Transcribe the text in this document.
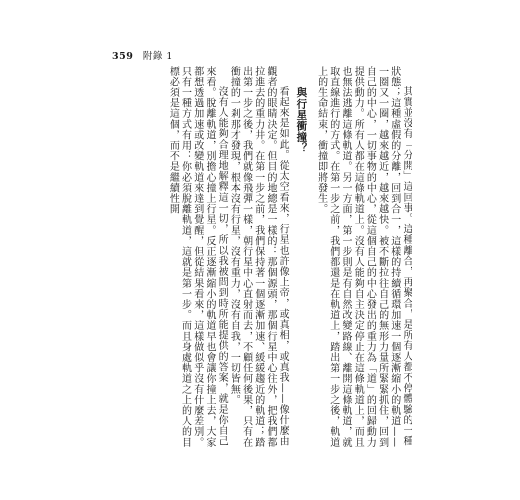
359 附錄 1

其實並沒有「分開」這回事。這種離合，再聚合，是所有人都不停體驗的一種狀態；這種虛假的分離，回到合一，這樣的持續循環加速一個逐漸縮小的軌道——一圈又一圈，越來越近，越來越快。被不斷拉往自己的無形力量所緊緊抓住，回到自己的中心，一切事物的中心，從這個自己的中心發出的重力為「道」的回歸動力提供動力。所有人都在這條軌道上。沒有人能夠自主決定停止在這條軌道上，而且也無法逃離這條軌道。另一方面，第一步則是有自然改變路線、離開這條軌道，就取直線進行的方式。在第一步之前，我們都還是在軌道上，踏出第一步之後，軌道上的生命結束，衝撞即將發生。

與行星衝撞？

看起來是如此。從太空看來，行星也許像上帝，或真相，或真我——像什麼由觀者的眼睛決定。但目的地總是一樣的：那個源頭，那個行星中心往外，把我們都拉進去的重力井。在第一步之前，我們保持著一個逐漸加速、緩緩趨近的軌道；踏出第一步之後，我們就像飛彈一樣，朝行星中心直射而去，不顧任何後果，只有在衝撞的一剎那才發現，根本沒有行星，沒有重力，沒有自我，一切皆無。

沒有人能夠合理地解釋這一切，所以我被問到時所能提供的答案，就是你自己來看。脫離軌道，別擔心撞上行星。反正逐漸縮小的軌道早也會讓你撞上去，大家都想透過加速或改變軌道來達到覺醒，但從結果看來，這樣做似乎沒有什麼差別。只有一種方式有用：你必須脫離軌道，這就是第一步。而且身處軌道之上的人的目標必須是這個，而不是繼續性開
